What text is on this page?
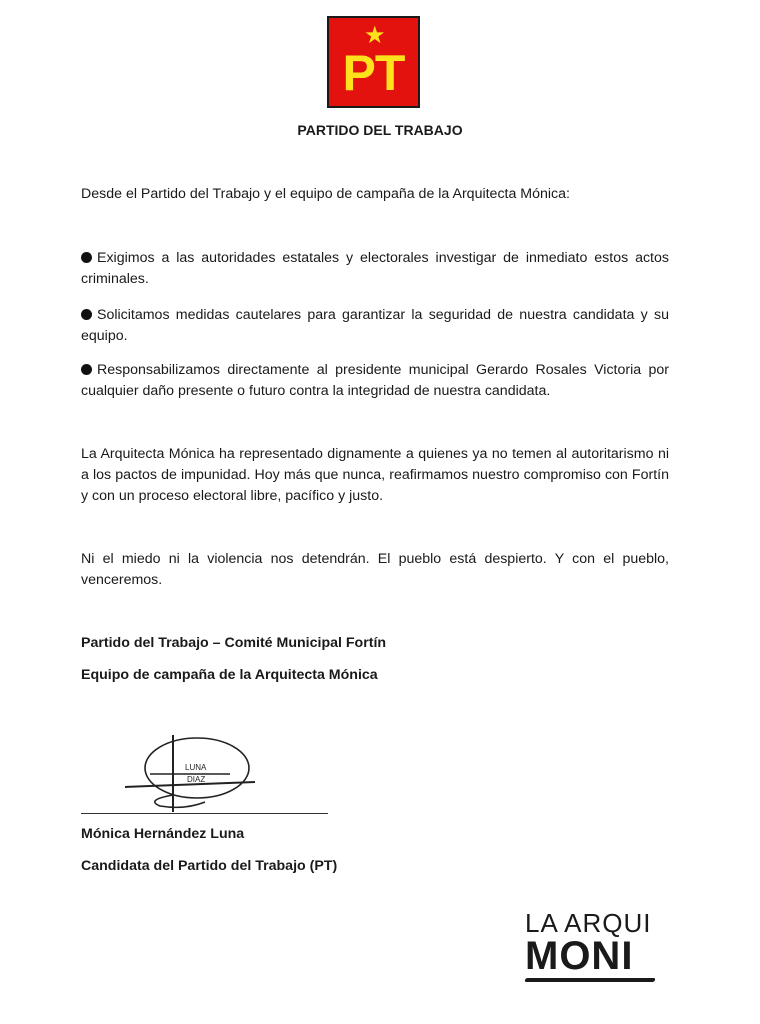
★
PT
PARTIDO DEL TRABAJO
Desde el Partido del Trabajo y el equipo de campaña de la Arquitecta Mónica:
Exigimos a las autoridades estatales y electorales investigar de inmediato estos actos criminales.
Solicitamos medidas cautelares para garantizar la seguridad de nuestra candidata y su equipo.
Responsabilizamos directamente al presidente municipal Gerardo Rosales Victoria por cualquier daño presente o futuro contra la integridad de nuestra candidata.
La Arquitecta Mónica ha representado dignamente a quienes ya no temen al autoritarismo ni a los pactos de impunidad. Hoy más que nunca, reafirmamos nuestro compromiso con Fortín y con un proceso electoral libre, pacífico y justo.
Ni el miedo ni la violencia nos detendrán. El pueblo está despierto. Y con el pueblo, venceremos.
Partido del Trabajo – Comité Municipal Fortín
Equipo de campaña de la Arquitecta Mónica
LUNA
DIAZ
Mónica Hernández Luna
Candidata del Partido del Trabajo (PT)
LA ARQUI
MONI
